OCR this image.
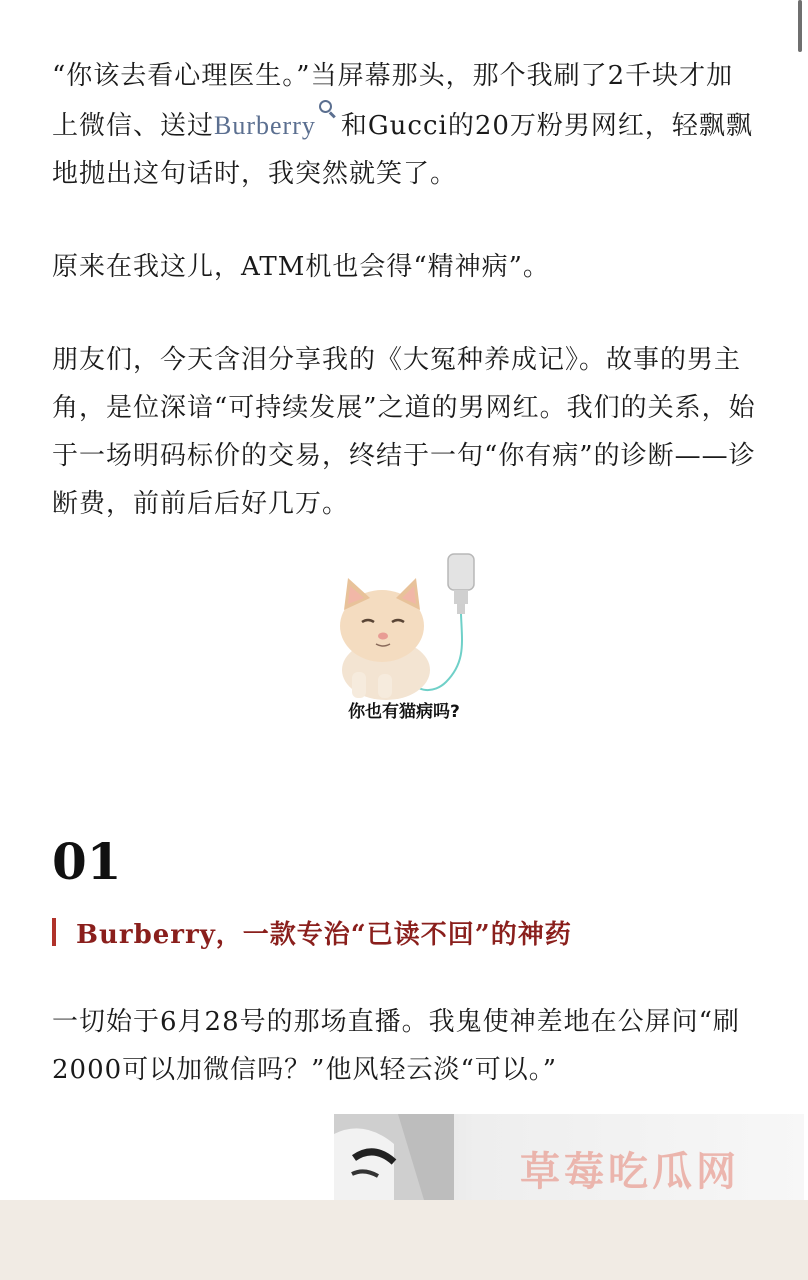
“你该去看心理医生。”当屏幕那头，那个我刷了2千块才加上微信、送过Burberry 和Gucci的20万粉男网红，轻飘飘地抛出这句话时，我突然就笑了。

原来在我这儿，ATM机也会得“精神病”。

朋友们，今天含泪分享我的《大冤种养成记》。故事的男主角，是位深谙“可持续发展”之道的男网红。我们的关系，始于一场明码标价的交易，终结于一句“你有病”的诊断——诊断费，前前后后好几万。

你也有猫病吗?
01
Burberry，一款专治“已读不回”的神药

一切始于6月28号的那场直播。我鬼使神差地在公屏问“刷2000可以加微信吗？”他风轻云淡“可以。”

草莓吃瓜网
